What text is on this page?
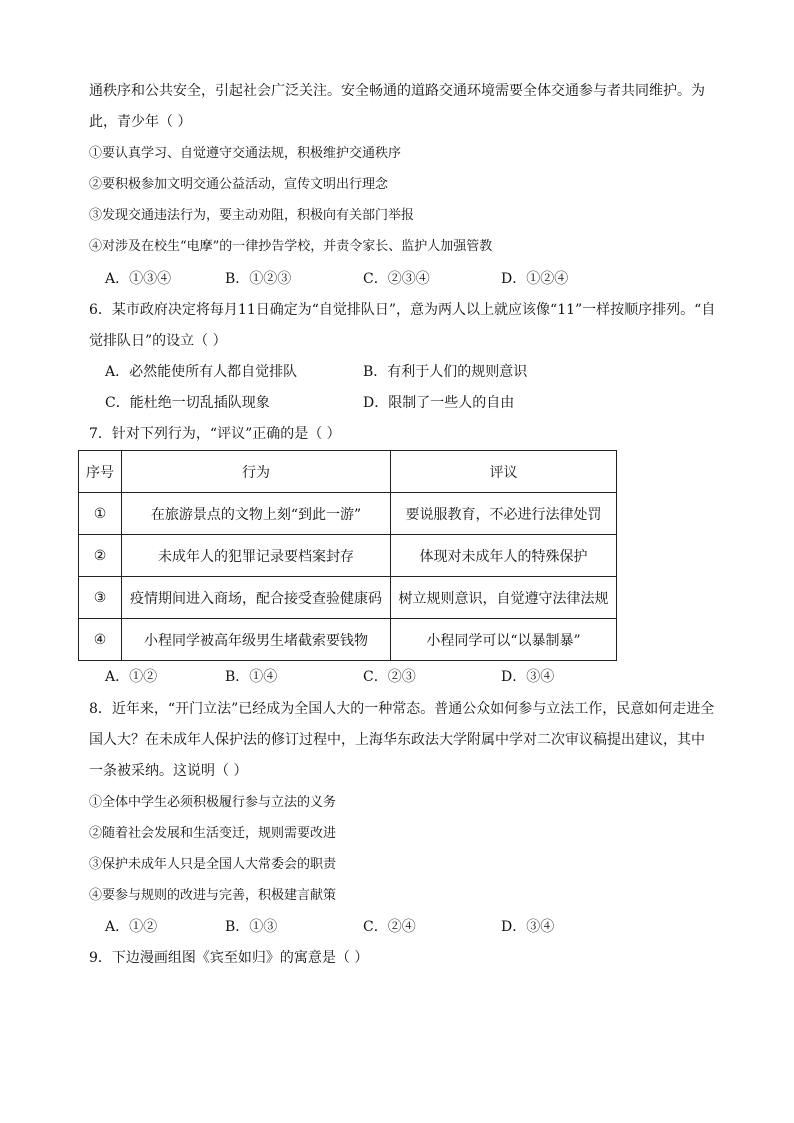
通秩序和公共安全，引起社会广泛关注。安全畅通的道路交通环境需要全体交通参与者共同维护。为
此，青少年（ ）
①要认真学习、自觉遵守交通法规，积极维护交通秩序
②要积极参加文明交通公益活动，宣传文明出行理念
③发现交通违法行为，要主动劝阻，积极向有关部门举报
④对涉及在校生“电摩”的一律抄告学校，并责令家长、监护人加强管教
A．①③④	B．①②③	C．②③④	D．①②④
6．某市政府决定将每月11日确定为“自觉排队日”，意为两人以上就应该像“11”一样按顺序排列。“自
觉排队日”的设立（ ）
A．必然能使所有人都自觉排队	B．有利于人们的规则意识
C．能杜绝一切乱插队现象	D．限制了一些人的自由
7．针对下列行为，“评议”正确的是（ ）
序号	行为	评议
①	在旅游景点的文物上刻“到此一游”	要说服教育，不必进行法律处罚
②	未成年人的犯罪记录要档案封存	体现对未成年人的特殊保护
③	疫情期间进入商场，配合接受查验健康码	树立规则意识，自觉遵守法律法规
④	小程同学被高年级男生堵截索要钱物	小程同学可以“以暴制暴”
A．①②	B．①④	C．②③	D．③④
8．近年来，“开门立法”已经成为全国人大的一种常态。普通公众如何参与立法工作，民意如何走进全
国人大？在未成年人保护法的修订过程中，上海华东政法大学附属中学对二次审议稿提出建议，其中
一条被采纳。这说明（ ）
①全体中学生必须积极履行参与立法的义务
②随着社会发展和生活变迁，规则需要改进
③保护未成年人只是全国人大常委会的职责
④要参与规则的改进与完善，积极建言献策
A．①②	B．①③	C．②④	D．③④
9．下边漫画组图《宾至如归》的寓意是（ ）
